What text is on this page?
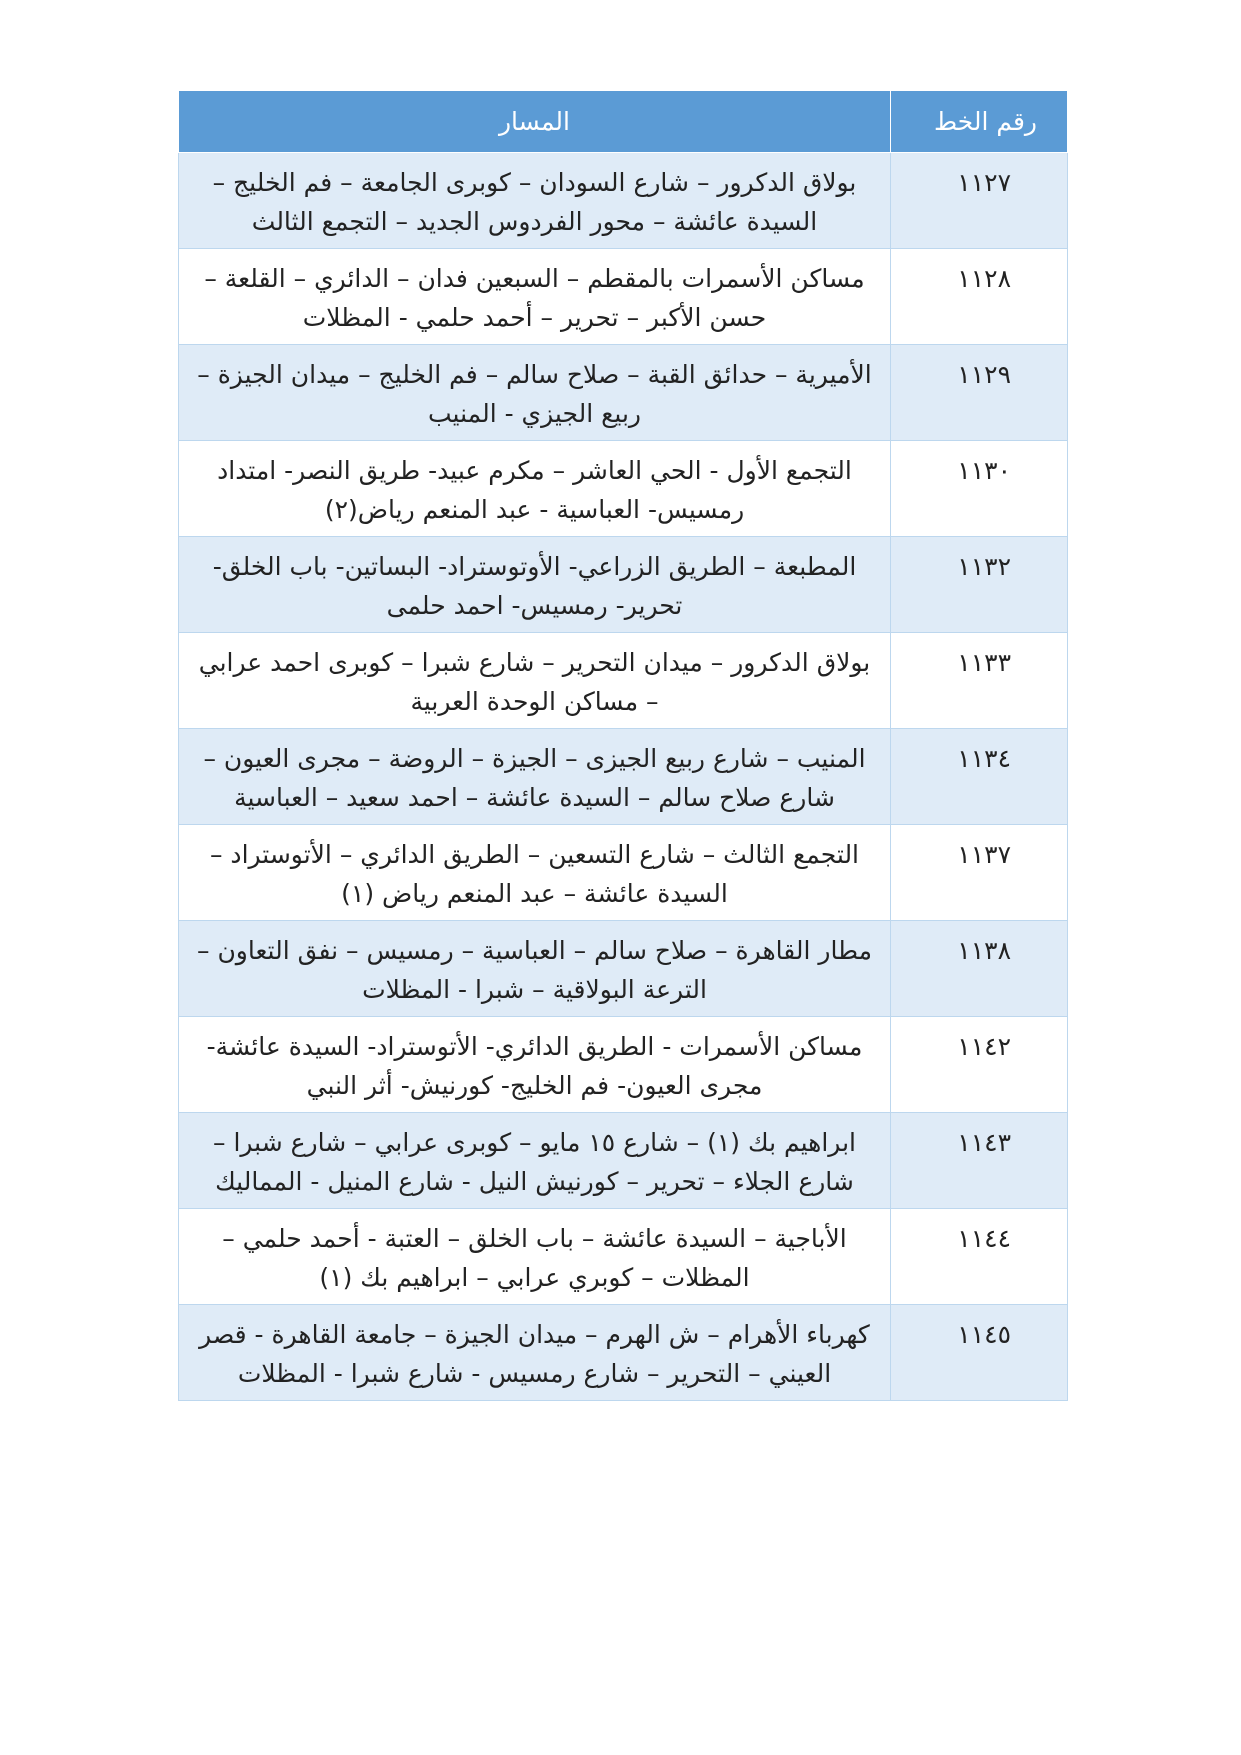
رقم الخط	المسار
١١٢٧	بولاق الدكرور – شارع السودان – كوبرى الجامعة – فم الخليج – السيدة عائشة – محور الفردوس الجديد – التجمع الثالث
١١٢٨	مساكن الأسمرات بالمقطم – السبعين فدان – الدائري – القلعة – حسن الأكبر – تحرير – أحمد حلمي - المظلات
١١٢٩	الأميرية – حدائق القبة – صلاح سالم – فم الخليج – ميدان الجيزة – ربيع الجيزي - المنيب
١١٣٠	التجمع الأول - الحي العاشر – مكرم عبيد- طريق النصر- امتداد رمسيس- العباسية - عبد المنعم رياض(٢)
١١٣٢	المطبعة – الطريق الزراعي- الأوتوستراد- البساتين- باب الخلق- تحرير- رمسيس- احمد حلمى
١١٣٣	بولاق الدكرور – ميدان التحرير – شارع شبرا – كوبرى احمد عرابي – مساكن الوحدة العربية
١١٣٤	المنيب – شارع ربيع الجيزى – الجيزة – الروضة – مجرى العيون – شارع صلاح سالم – السيدة عائشة – احمد سعيد – العباسية
١١٣٧	التجمع الثالث – شارع التسعين – الطريق الدائري – الأتوستراد – السيدة عائشة – عبد المنعم رياض (١)
١١٣٨	مطار القاهرة – صلاح سالم – العباسية – رمسيس – نفق التعاون – الترعة البولاقية – شبرا - المظلات
١١٤٢	مساكن الأسمرات - الطريق الدائري- الأتوستراد- السيدة عائشة- مجرى العيون- فم الخليج- كورنيش- أثر النبي
١١٤٣	ابراهيم بك (١) – شارع ١٥ مايو – كوبرى عرابي – شارع شبرا – شارع الجلاء – تحرير – كورنيش النيل - شارع المنيل - المماليك
١١٤٤	الأباجية – السيدة عائشة – باب الخلق – العتبة - أحمد حلمي – المظلات – كوبري عرابي – ابراهيم بك (١)
١١٤٥	كهرباء الأهرام – ش الهرم – ميدان الجيزة – جامعة القاهرة - قصر العيني – التحرير – شارع رمسيس - شارع شبرا - المظلات
